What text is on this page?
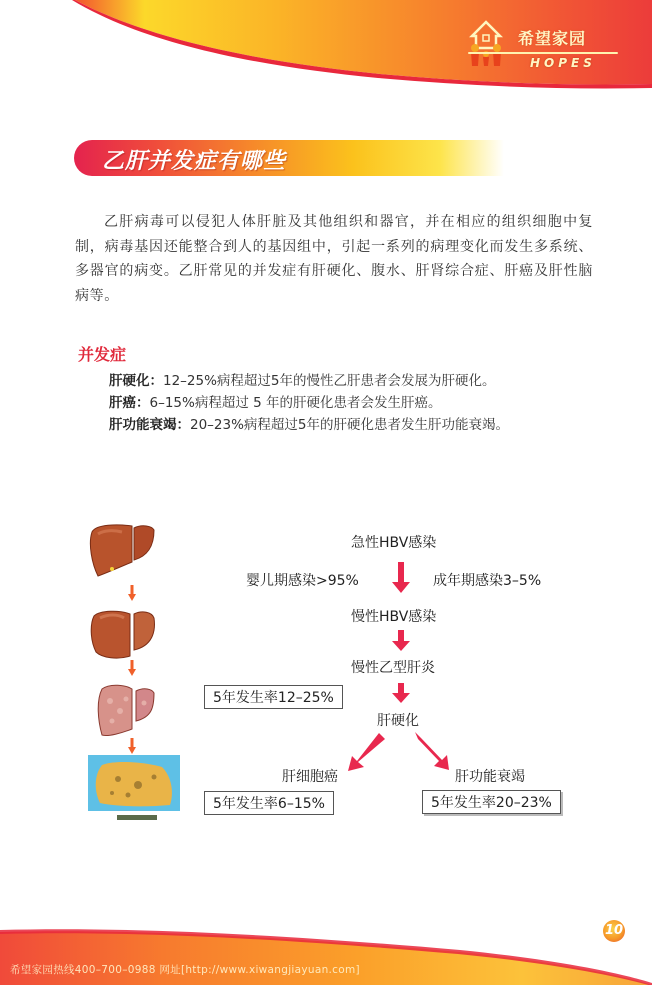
希望家园
HOPES
乙肝并发症有哪些

乙肝病毒可以侵犯人体肝脏及其他组织和器官，并在相应的组织细胞中复制，病毒基因还能整合到人的基因组中，引起一系列的病理变化而发生多系统、多器官的病变。乙肝常见的并发症有肝硬化、腹水、肝肾综合症、肝癌及肝性脑病等。

并发症
肝硬化：12–25%病程超过5年的慢性乙肝患者会发展为肝硬化。
肝癌：6–15%病程超过 5 年的肝硬化患者会发生肝癌。
肝功能衰竭：20–23%病程超过5年的肝硬化患者发生肝功能衰竭。
急性HBV感染
婴儿期感染>95%	成年期感染3–5%
慢性HBV感染
慢性乙型肝炎
5年发生率12–25%
肝硬化
肝细胞癌	肝功能衰竭
5年发生率6–15%	5年发生率20–23%
希望家园热线400–700–0988 网址[http://www.xiwangjiayuan.com]
10
